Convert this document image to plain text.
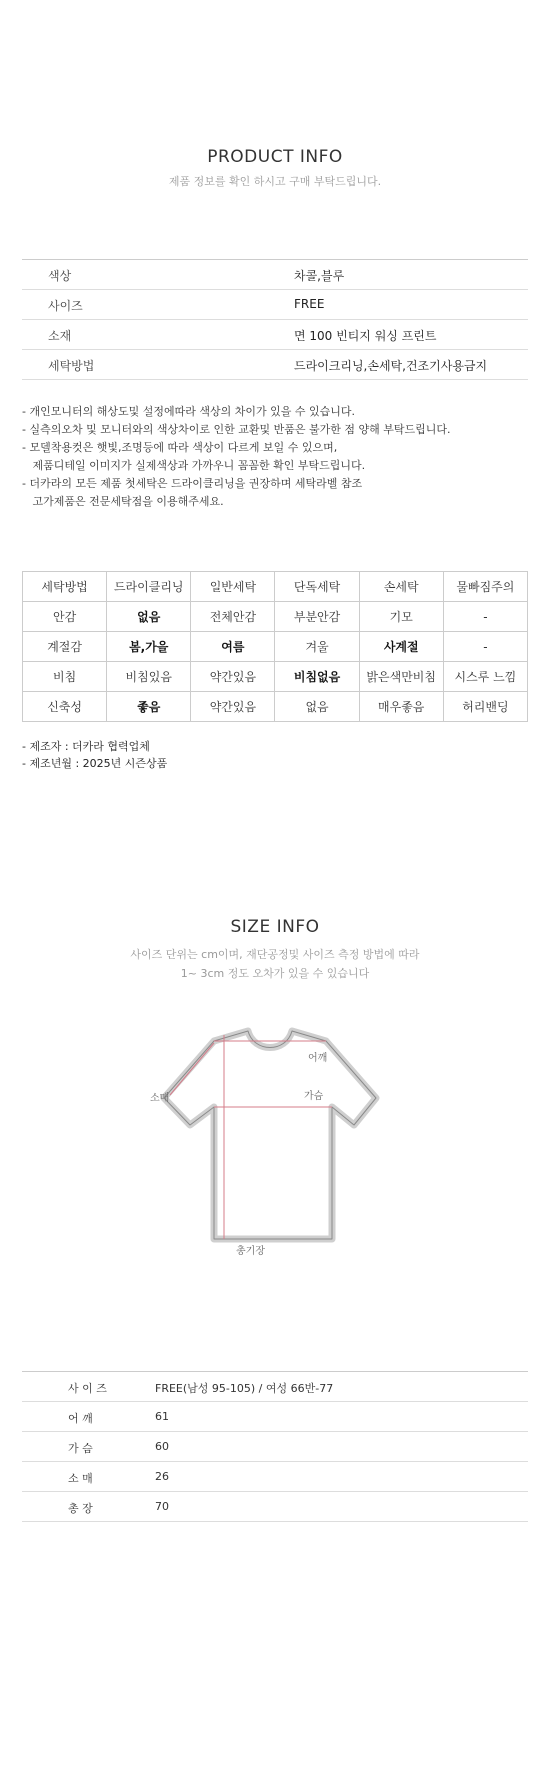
PRODUCT INFO
제품 정보를 확인 하시고 구매 부탁드립니다.
색상	차콜,블루
사이즈	FREE
소재	면 100 빈티지 워싱 프린트
세탁방법	드라이크리닝,손세탁,건조기사용금지
- 개인모니터의 해상도및 설정에따라 색상의 차이가 있을 수 있습니다.
- 실측의오차 및 모니터와의 색상차이로 인한 교환및 반품은 불가한 점 양해 부탁드립니다.
- 모델착용컷은 햇빛,조명등에 따라 색상이 다르게 보일 수 있으며,
제품디테일 이미지가 실제색상과 가까우니 꼼꼼한 확인 부탁드립니다.
- 더카라의 모든 제품 첫세탁은 드라이클리닝을 권장하며 세탁라벨 참조
고가제품은 전문세탁점을 이용해주세요.
세탁방법	드라이클리닝	일반세탁	단독세탁	손세탁	물빠짐주의
안감	없음	전체안감	부분안감	기모	-
계절감	봄,가을	여름	겨울	사계절	-
비침	비침있음	약간있음	비침없음	밝은색만비침	시스루 느낌
신축성	좋음	약간있음	없음	매우좋음	허리밴딩
- 제조자 : 더카라 협력업체
- 제조년월 : 2025년 시즌상품
SIZE INFO
사이즈 단위는 cm이며, 재단공정및 사이즈 측정 방법에 따라
1~ 3cm 정도 오차가 있을 수 있습니다
어깨
소매	가슴
총기장
사 이 즈	FREE(남성 95-105) / 여성 66반-77
어 깨	61
가 슴	60
소 매	26
총 장	70
